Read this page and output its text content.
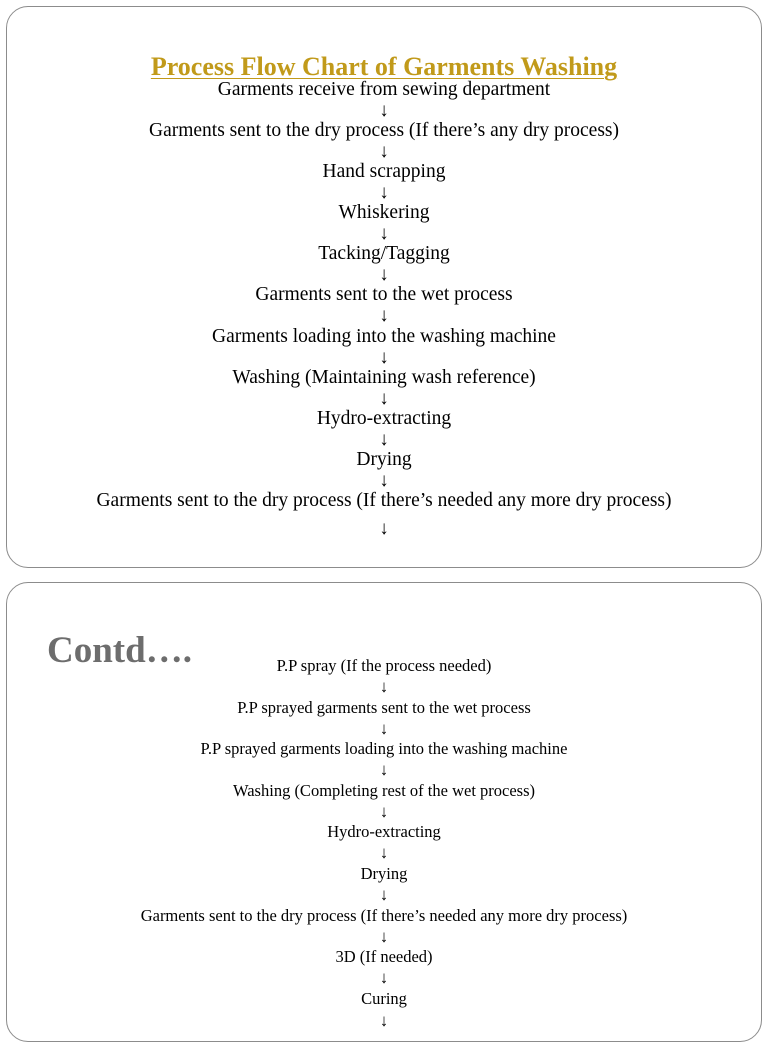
Process Flow Chart of Garments Washing
Garments receive from sewing department
↓
Garments sent to the dry process (If there’s any dry process)
↓
Hand scrapping
↓
Whiskering
↓
Tacking/Tagging
↓
Garments sent to the wet process
↓
Garments loading into the washing machine
↓
Washing (Maintaining wash reference)
↓
Hydro-extracting
↓
Drying
↓
Garments sent to the dry process (If there’s needed any more dry process)
↓
Contd….	P.P spray (If the process needed)
↓
P.P sprayed garments sent to the wet process
↓
P.P sprayed garments loading into the washing machine
↓
Washing (Completing rest of the wet process)
↓
Hydro-extracting
↓
Drying
↓
Garments sent to the dry process (If there’s needed any more dry process)
↓
3D (If needed)
↓
Curing
↓
